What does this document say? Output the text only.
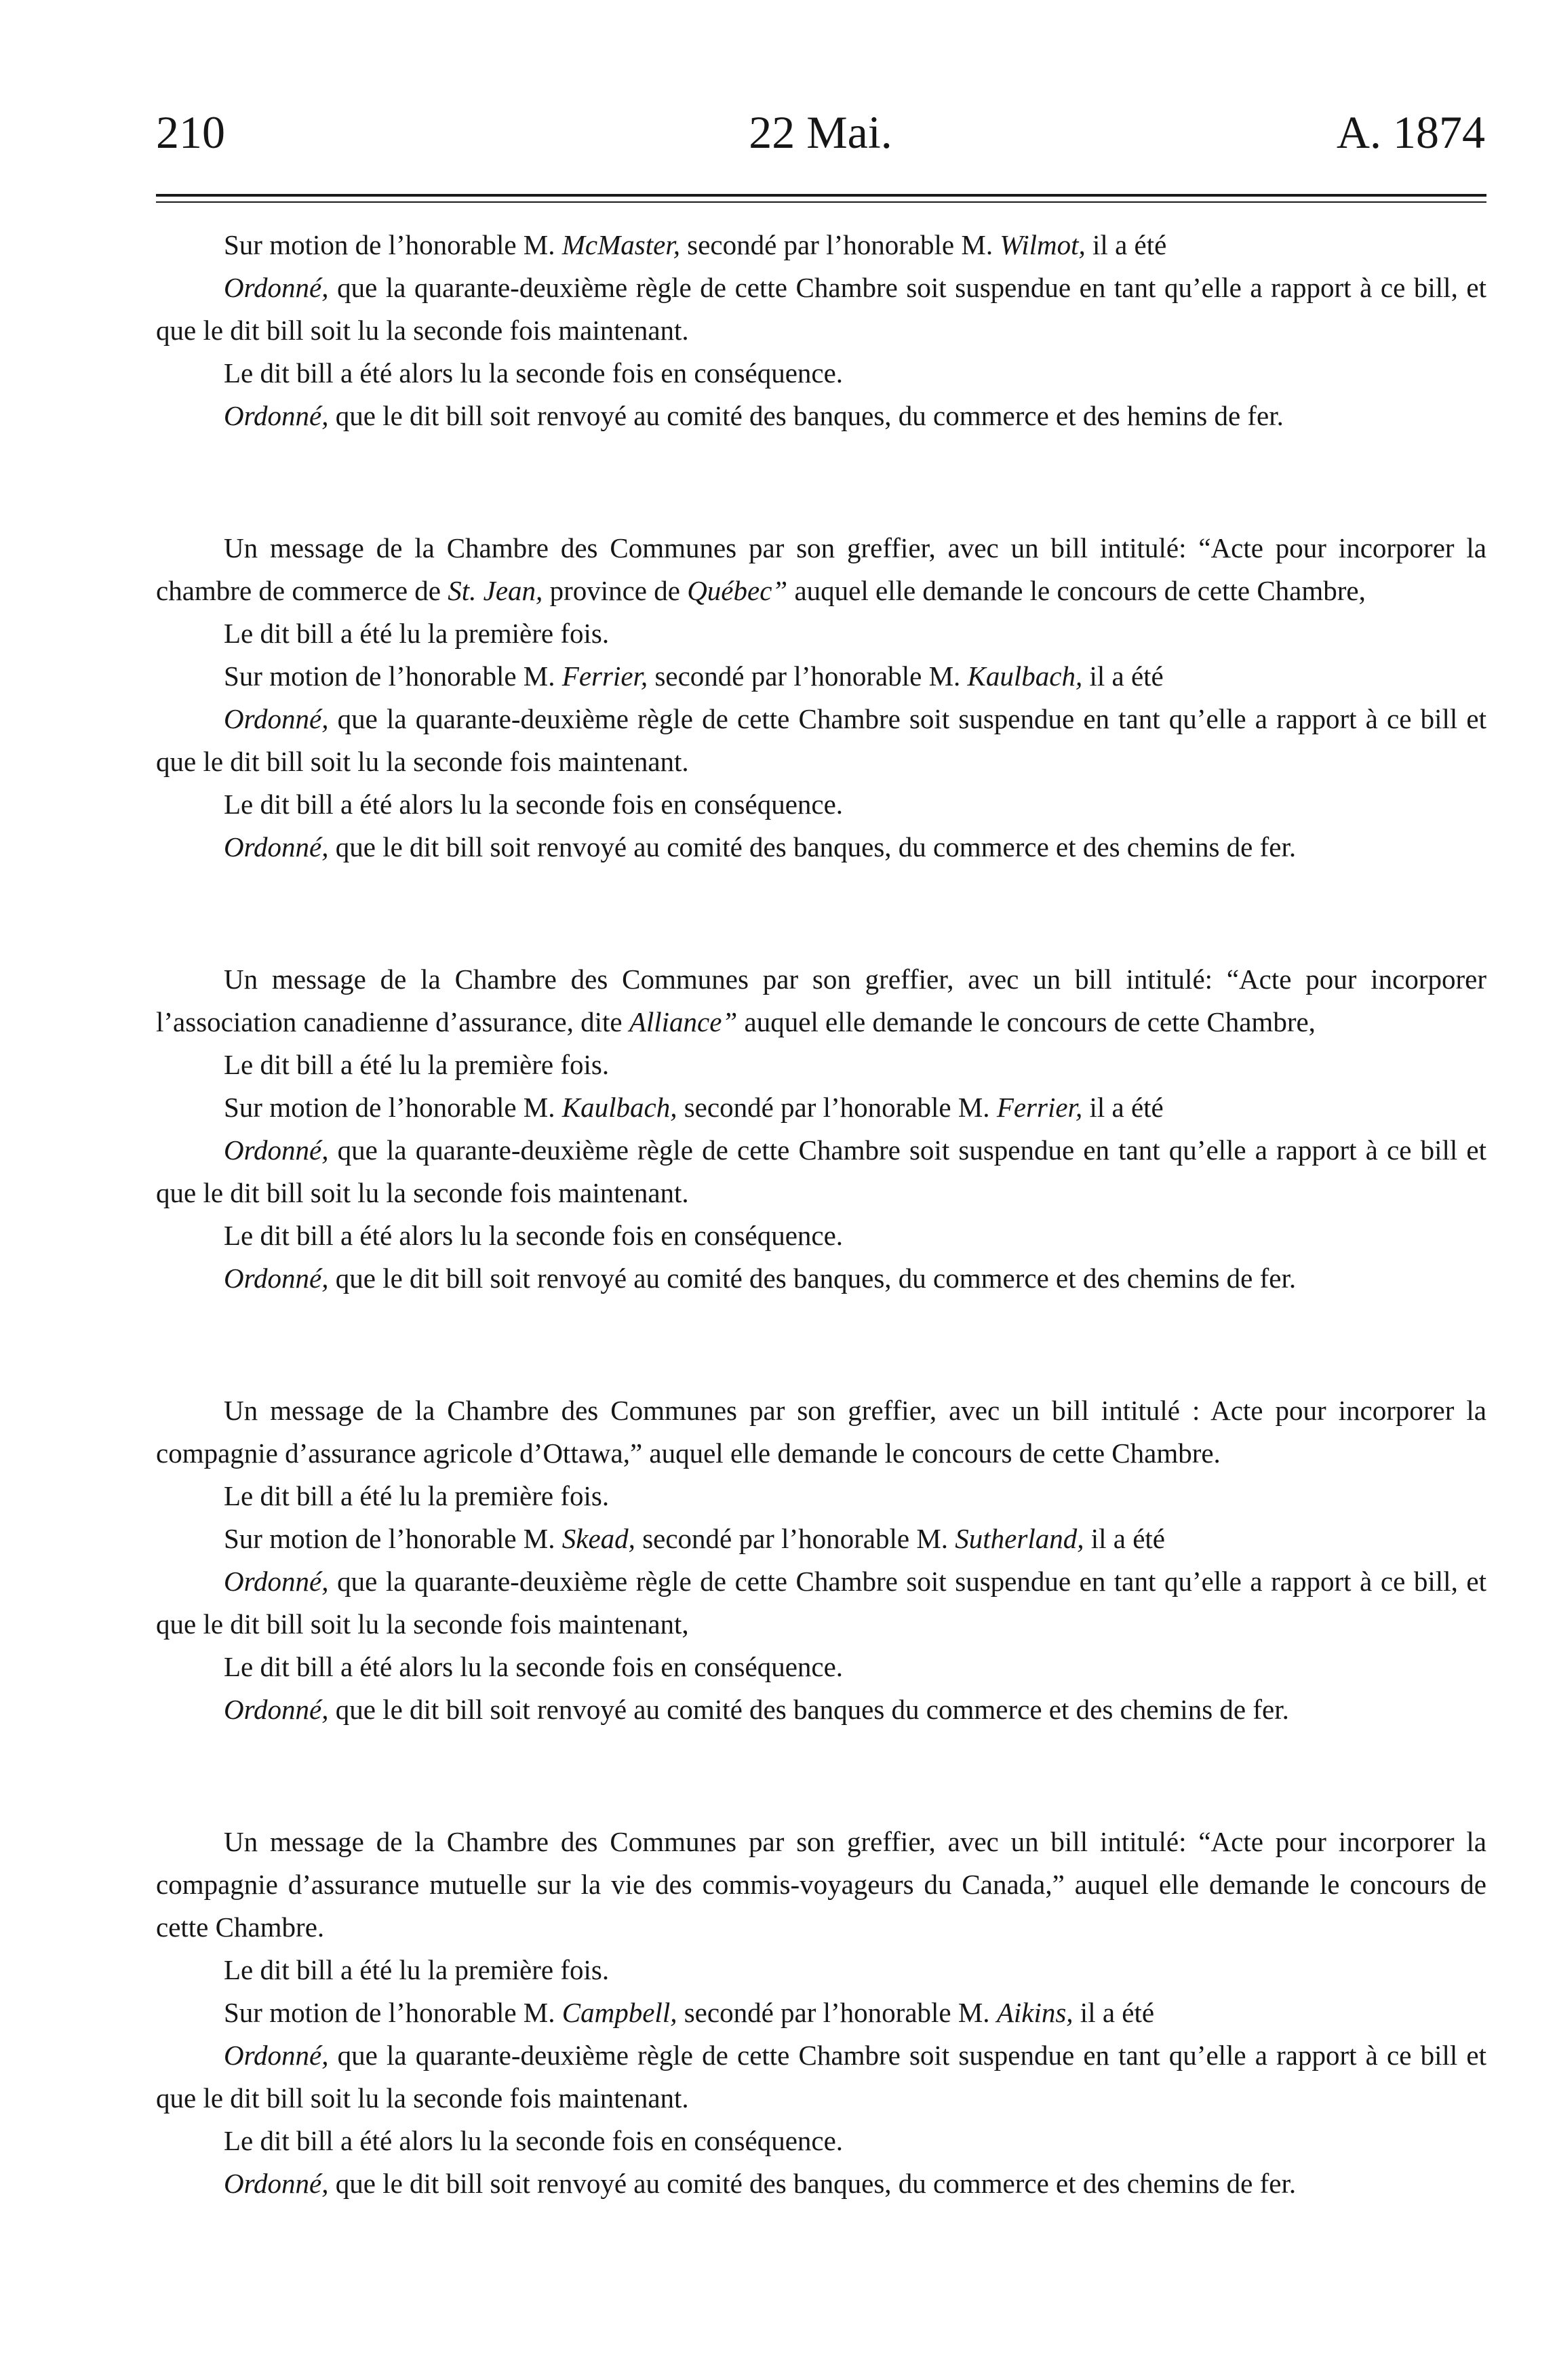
210	22 Mai.	A. 1874

Sur motion de l’honorable M. McMaster, secondé par l’honorable M. Wilmot, il a été

Ordonné, que la quarante-deuxième règle de cette Chambre soit suspendue en tant qu’elle a rapport à ce bill, et que le dit bill soit lu la seconde fois maintenant.

Le dit bill a été alors lu la seconde fois en conséquence.

Ordonné, que le dit bill soit renvoyé au comité des banques, du commerce et des hemins de fer.

Un message de la Chambre des Communes par son greffier, avec un bill intitulé: “Acte pour incorporer la chambre de commerce de St. Jean, province de Québec” auquel elle demande le concours de cette Chambre,

Le dit bill a été lu la première fois.

Sur motion de l’honorable M. Ferrier, secondé par l’honorable M. Kaulbach, il a été

Ordonné, que la quarante-deuxième règle de cette Chambre soit suspendue en tant qu’elle a rapport à ce bill et que le dit bill soit lu la seconde fois maintenant.

Le dit bill a été alors lu la seconde fois en conséquence.

Ordonné, que le dit bill soit renvoyé au comité des banques, du commerce et des chemins de fer.

Un message de la Chambre des Communes par son greffier, avec un bill intitulé: “Acte pour incorporer l’association canadienne d’assurance, dite Alliance” auquel elle demande le concours de cette Chambre,

Le dit bill a été lu la première fois.

Sur motion de l’honorable M. Kaulbach, secondé par l’honorable M. Ferrier, il a été

Ordonné, que la quarante-deuxième règle de cette Chambre soit suspendue en tant qu’elle a rapport à ce bill et que le dit bill soit lu la seconde fois maintenant.

Le dit bill a été alors lu la seconde fois en conséquence.

Ordonné, que le dit bill soit renvoyé au comité des banques, du commerce et des chemins de fer.

Un message de la Chambre des Communes par son greffier, avec un bill intitulé : Acte pour incorporer la compagnie d’assurance agricole d’Ottawa,” auquel elle demande le concours de cette Chambre.

Le dit bill a été lu la première fois.

Sur motion de l’honorable M. Skead, secondé par l’honorable M. Sutherland, il a été

Ordonné, que la quarante-deuxième règle de cette Chambre soit suspendue en tant qu’elle a rapport à ce bill, et que le dit bill soit lu la seconde fois maintenant,

Le dit bill a été alors lu la seconde fois en conséquence.

Ordonné, que le dit bill soit renvoyé au comité des banques du commerce et des chemins de fer.

Un message de la Chambre des Communes par son greffier, avec un bill intitulé: “Acte pour incorporer la compagnie d’assurance mutuelle sur la vie des commis-voyageurs du Canada,” auquel elle demande le concours de cette Chambre.

Le dit bill a été lu la première fois.

Sur motion de l’honorable M. Campbell, secondé par l’honorable M. Aikins, il a été

Ordonné, que la quarante-deuxième règle de cette Chambre soit suspendue en tant qu’elle a rapport à ce bill et que le dit bill soit lu la seconde fois maintenant.

Le dit bill a été alors lu la seconde fois en conséquence.

Ordonné, que le dit bill soit renvoyé au comité des banques, du commerce et des chemins de fer.
